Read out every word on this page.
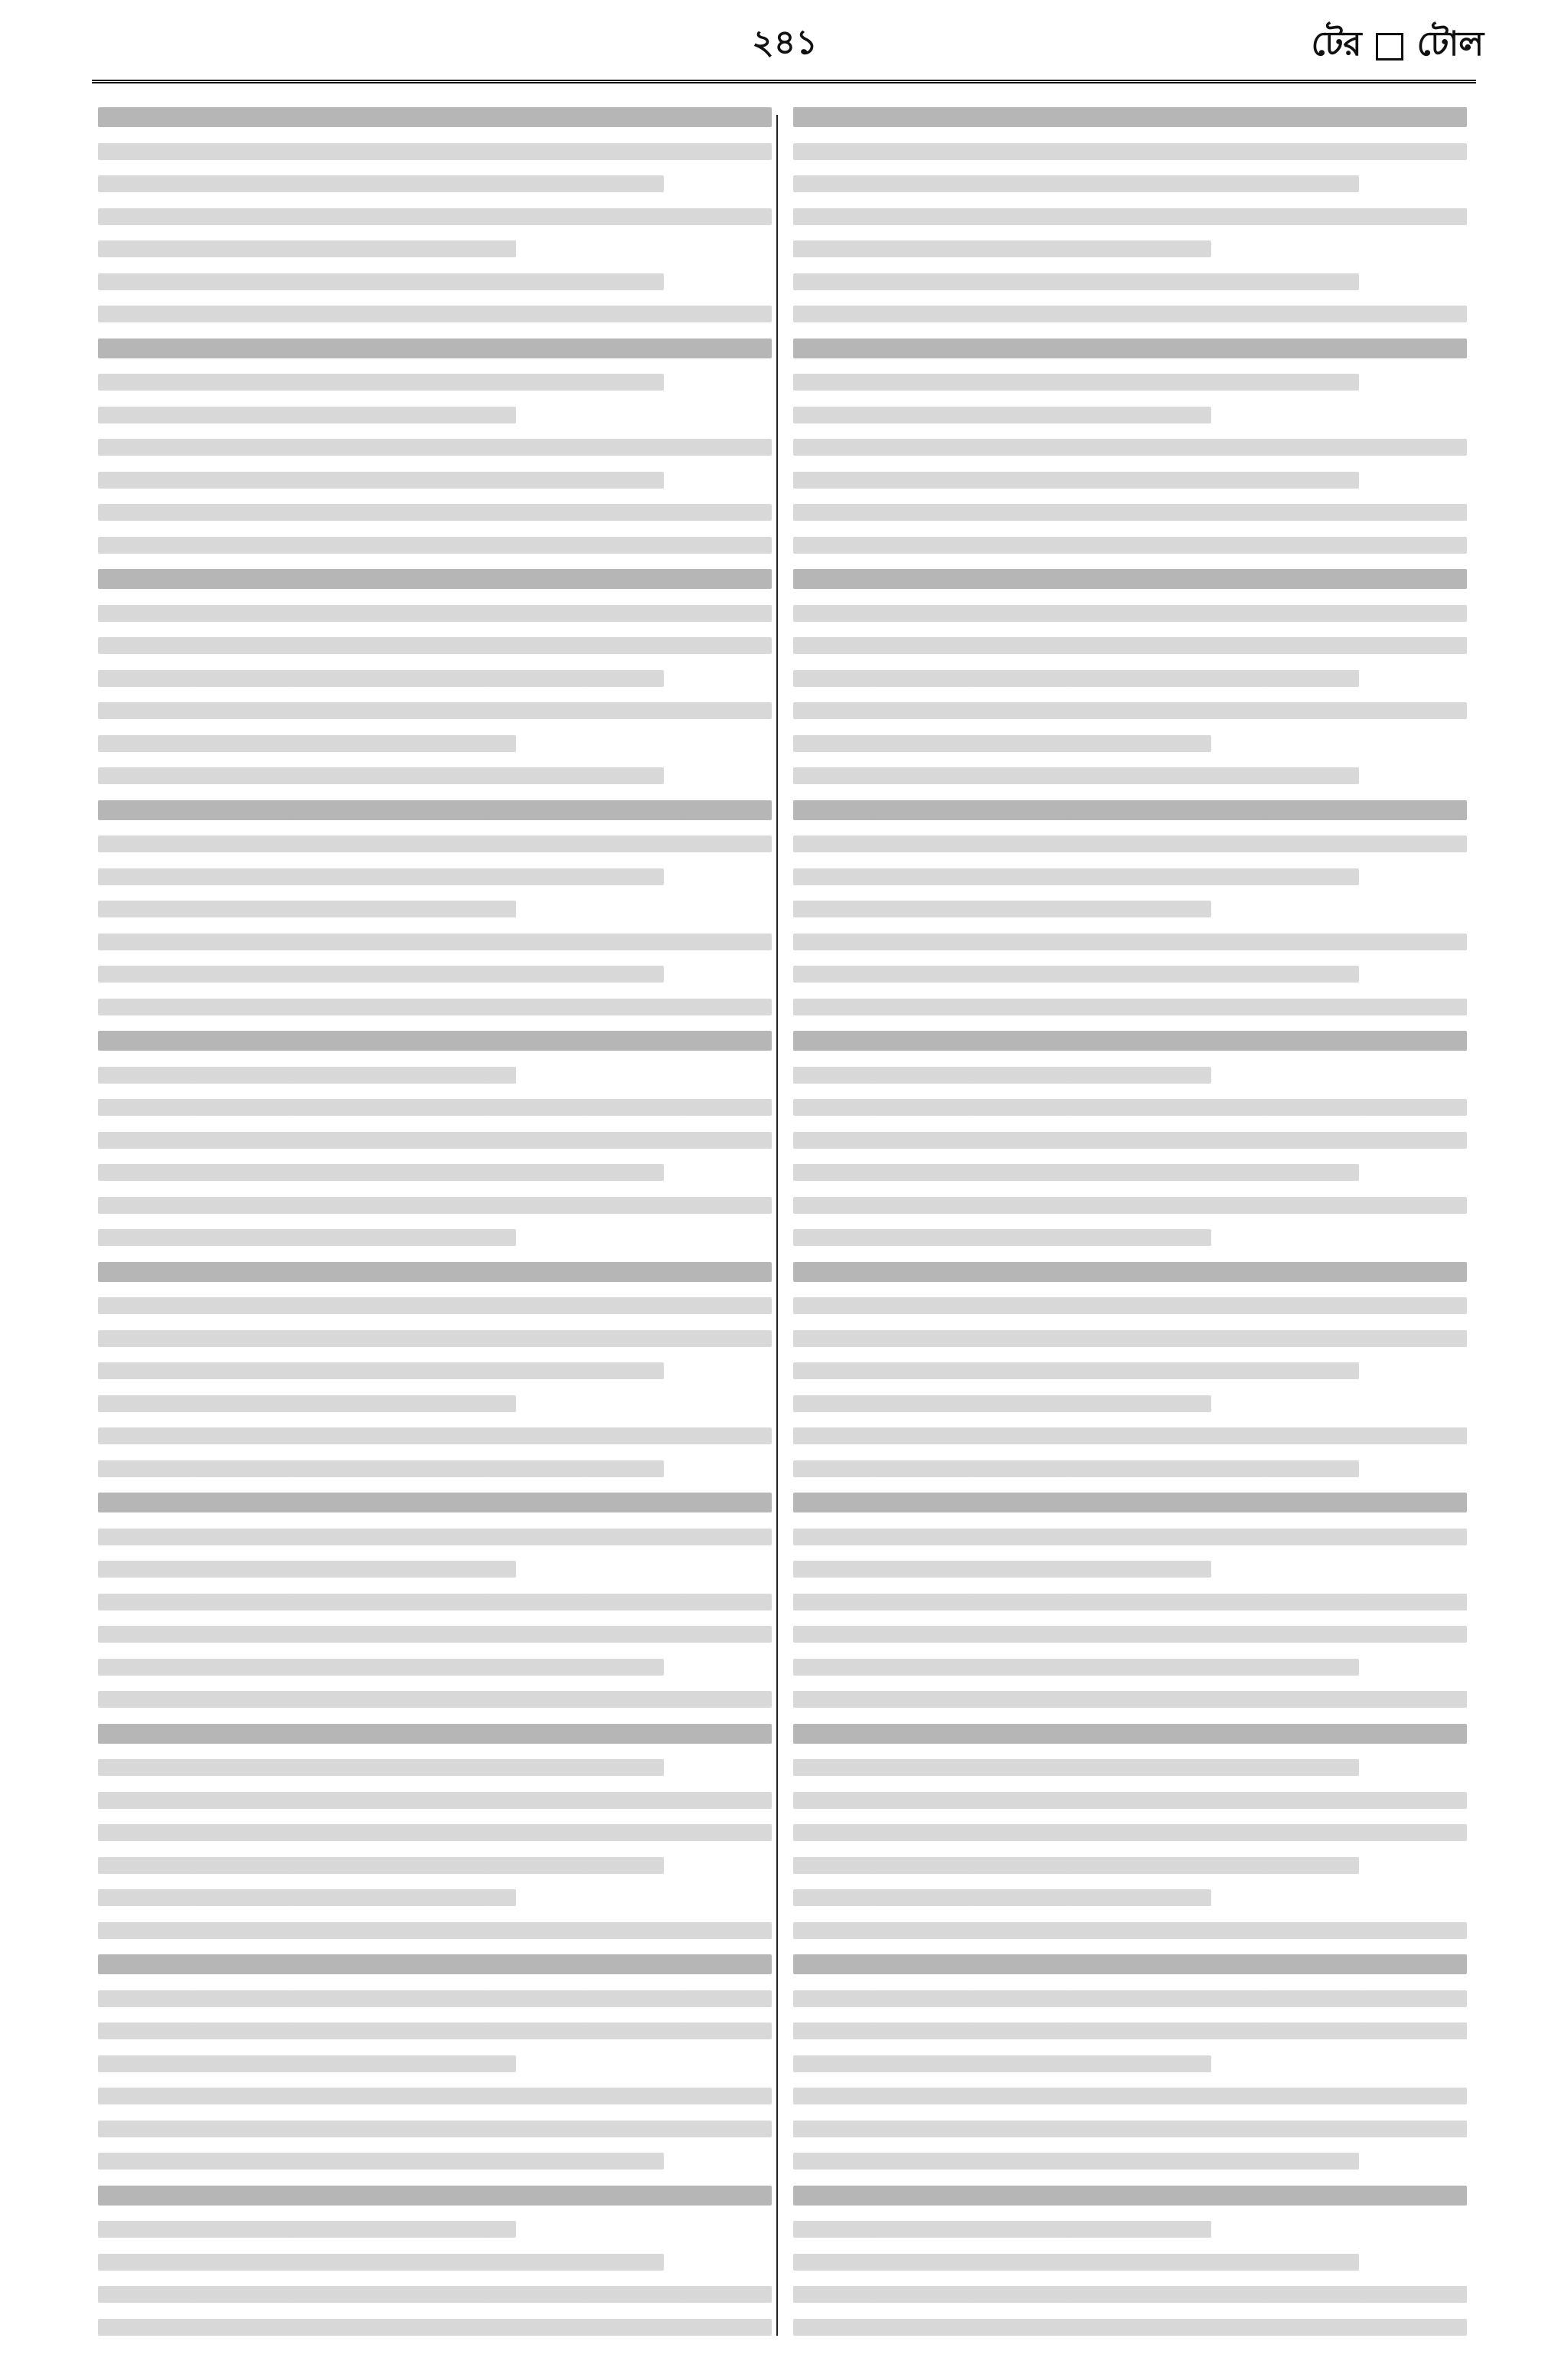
২৪১	টের টোল
